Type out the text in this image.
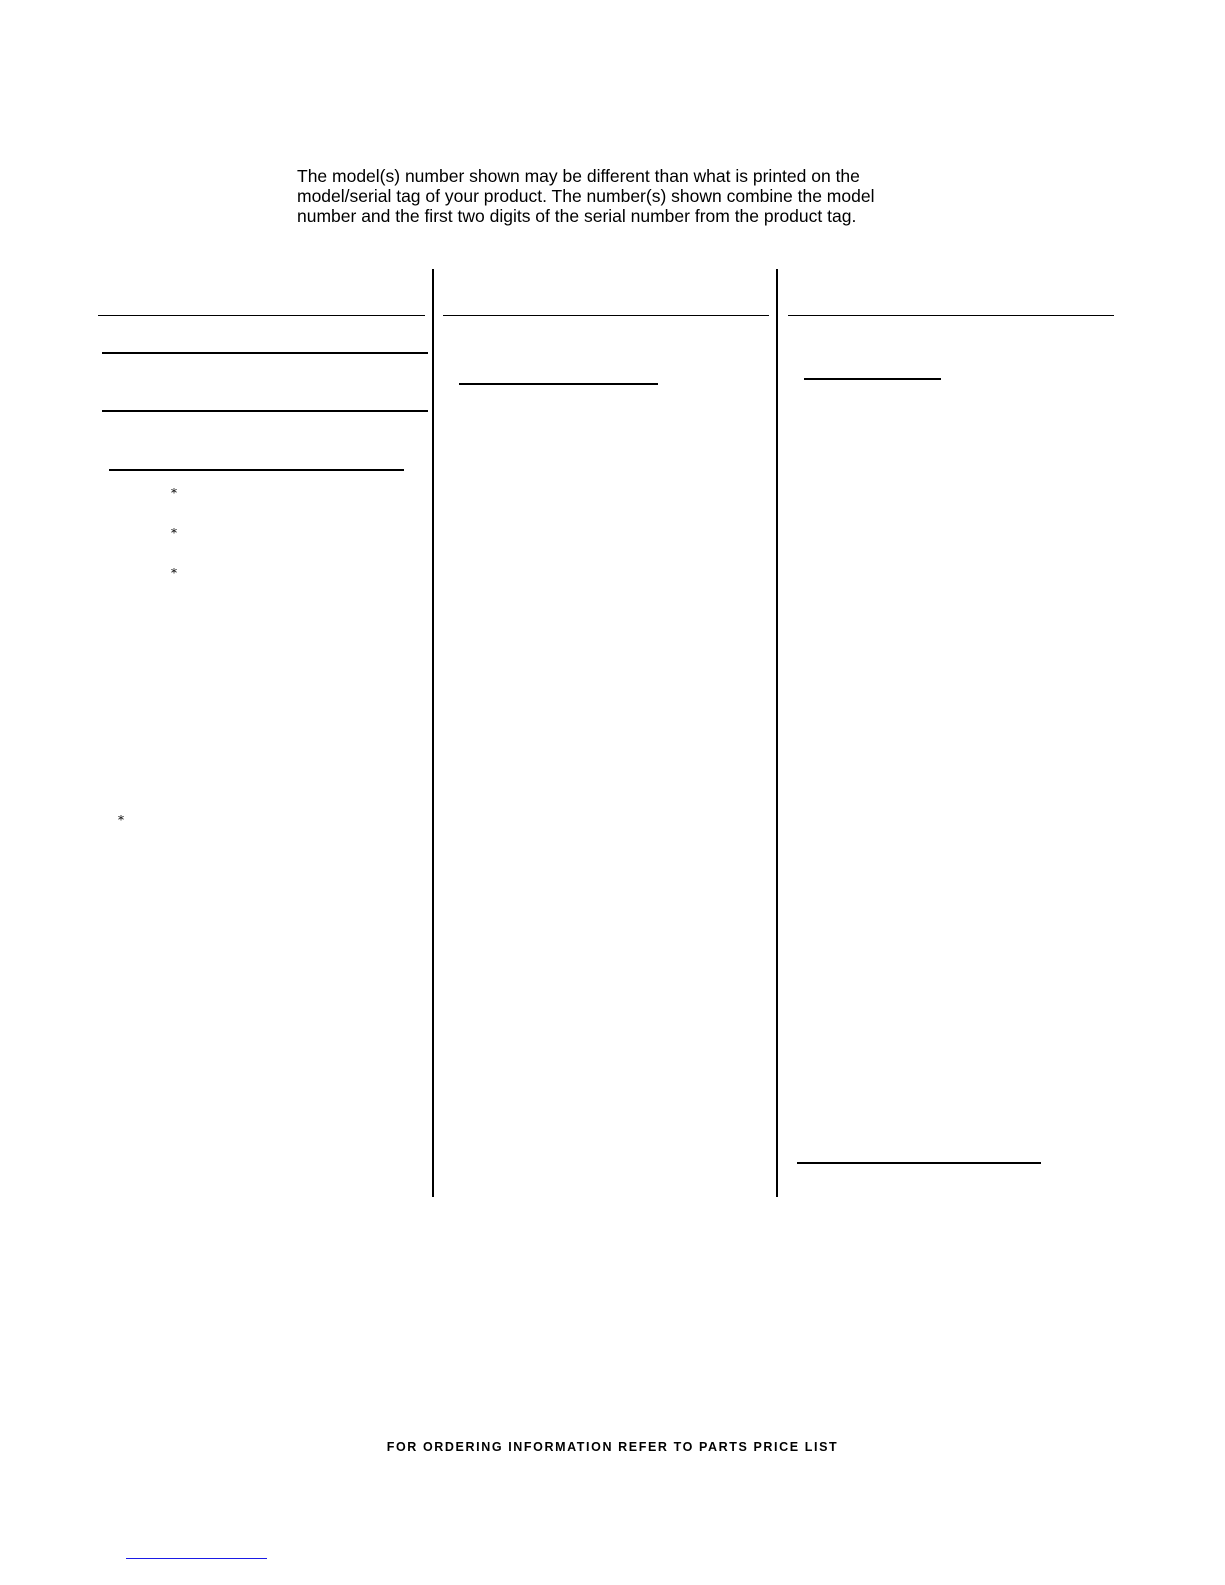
The model(s) number shown may be different than what is printed on the
model/serial tag of your product. The number(s) shown combine the model
number and the first two digits of the serial number from the product tag.
*
*
*
*
FOR ORDERING INFORMATION REFER TO PARTS PRICE LIST
